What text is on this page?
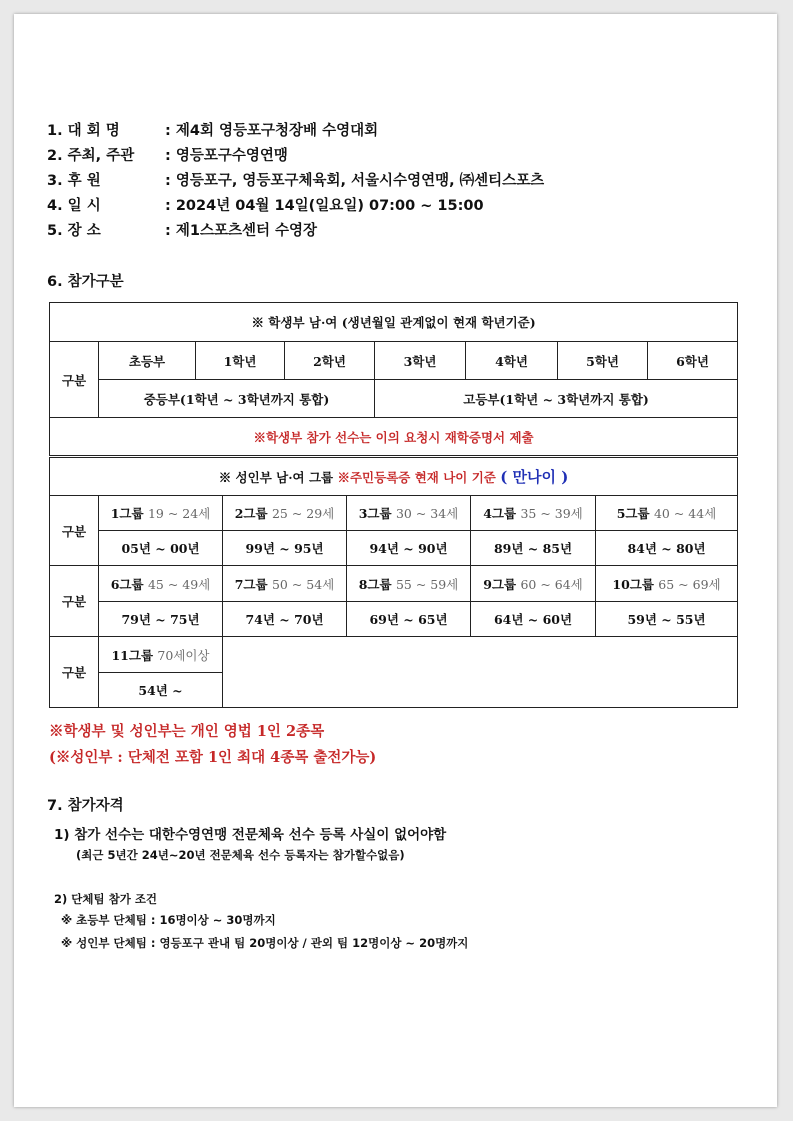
1. 대 회 명	: 제4회 영등포구청장배 수영대회
2. 주최, 주관 : 영등포구수영연맹
3. 후 원	: 영등포구, 영등포구체육회, 서울시수영연맹, ㈜센티스포츠
4. 일 시	: 2024년 04월 14일(일요일) 07:00 ~ 15:00
5. 장 소	: 제1스포츠센터 수영장
6. 참가구분
※ 학생부 남·여 (생년월일 관계없이 현재 학년기준)							
구분	초등부	1학년	2학년	3학년	4학년	5학년	6학년
	중등부(1학년 ~ 3학년까지 통합)			고등부(1학년 ~ 3학년까지 통합)			
※학생부 참가 선수는 이의 요청시 재학증명서 제출							
※ 성인부 남·여 그룹 ※주민등록증 현재 나이 기준 ( 만나이 )					
구분	1그룹 19 ~ 24세	2그룹 25 ~ 29세	3그룹 30 ~ 34세	4그룹 35 ~ 39세	5그룹 40 ~ 44세
	05년 ~ 00년	99년 ~ 95년	94년 ~ 90년	89년 ~ 85년	84년 ~ 80년
구분	6그룹 45 ~ 49세	7그룹 50 ~ 54세	8그룹 55 ~ 59세	9그룹 60 ~ 64세	10그룹 65 ~ 69세
	79년 ~ 75년	74년 ~ 70년	69년 ~ 65년	64년 ~ 60년	59년 ~ 55년
구분	11그룹 70세이상				
	54년 ~				
※학생부 및 성인부는 개인 영법 1인 2종목
(※성인부 : 단체전 포함 1인 최대 4종목 출전가능)
7. 참가자격
1) 참가 선수는 대한수영연맹 전문체육 선수 등록 사실이 없어야함
(최근 5년간 24년~20년 전문체육 선수 등록자는 참가할수없음)
2) 단체팀 참가 조건
※ 초등부 단체팀 : 16명이상 ~ 30명까지
※ 성인부 단체팀 : 영등포구 관내 팀 20명이상 / 관외 팀 12명이상 ~ 20명까지
